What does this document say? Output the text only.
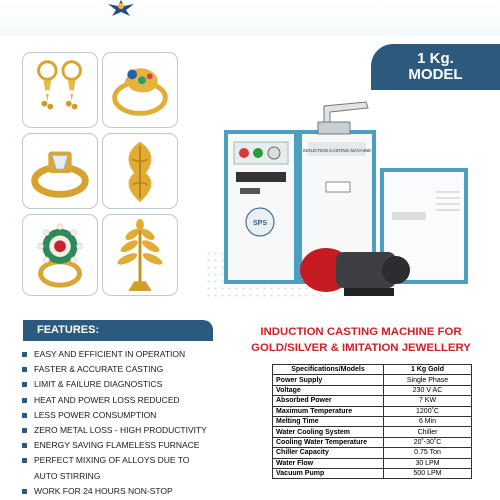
1 Kg.
MODEL
INDUCTION CASTING MACHINE
SPS
INDUCTION CASTING MACHINE FOR
GOLD/SILVER & IMITATION JEWELLERY
FEATURES:
EASY AND EFFICIENT IN OPERATION
FASTER & ACCURATE CASTING
LIMIT & FAILURE DIAGNOSTICS
HEAT AND POWER LOSS REDUCED
LESS POWER CONSUMPTION
ZERO METAL LOSS - HIGH PRODUCTIVITY
ENERGY SAVING FLAMELESS FURNACE
PERFECT MIXING OF ALLOYS DUE TO
AUTO STIRRING
WORK FOR 24 HOURS NON-STOP
Specifications/Models	1 Kg Gold
Power Supply	Single Phase
Voltage	230 V AC
Absorbed Power	7 KW
Maximum Temperature	1200˚C
Melting Time	6 Min
Water Cooling System	Chiller
Cooling Water Temperature	20˚-30˚C
Chiller Capacity	0.75 Ton
Water Flow	30 LPM
Vacuum Pump	500 LPM
